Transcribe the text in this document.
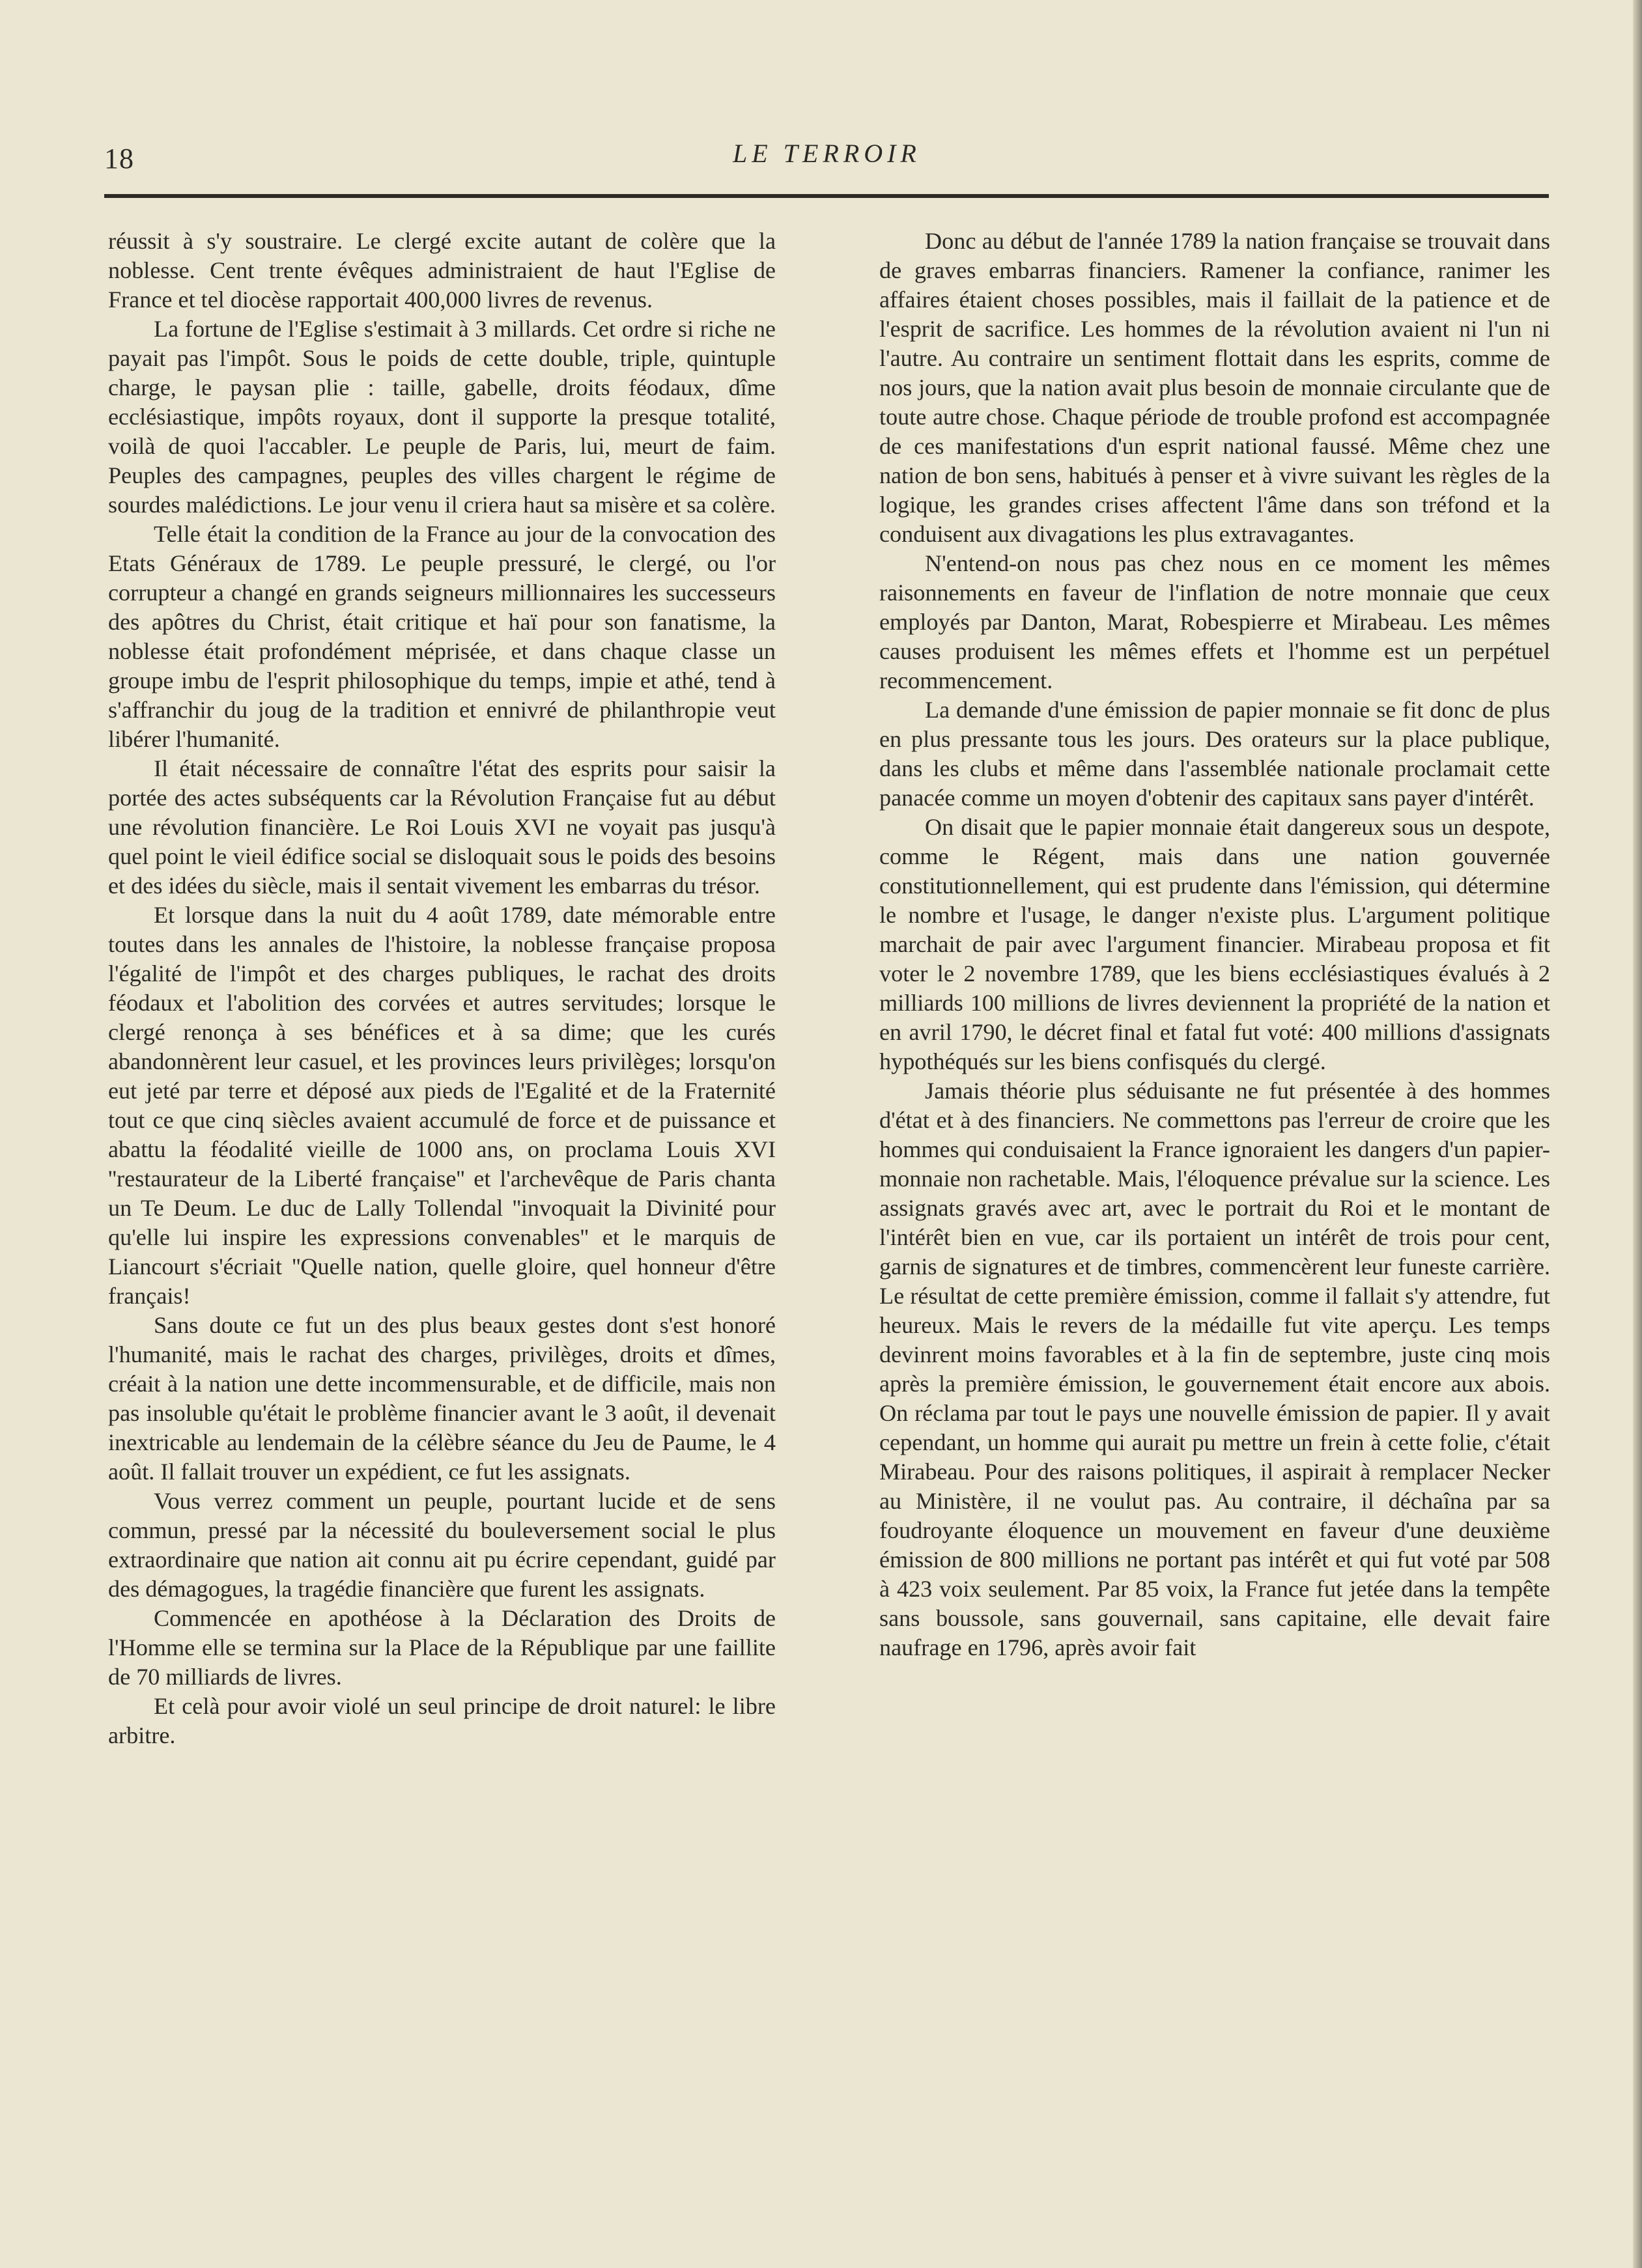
18	LE TERROIR

réussit à s'y soustraire. Le clergé excite autant de colère que la noblesse. Cent trente évêques administraient de haut l'Eglise de France et tel diocèse rapportait 400,000 livres de revenus.

La fortune de l'Eglise s'estimait à 3 millards. Cet ordre si riche ne payait pas l'impôt. Sous le poids de cette double, triple, quintuple charge, le paysan plie : taille, gabelle, droits féodaux, dîme ecclésiastique, impôts royaux, dont il supporte la presque totalité, voilà de quoi l'accabler. Le peuple de Paris, lui, meurt de faim. Peuples des campagnes, peuples des villes chargent le régime de sourdes malédictions. Le jour venu il criera haut sa misère et sa colère.

Telle était la condition de la France au jour de la convocation des Etats Généraux de 1789. Le peuple pressuré, le clergé, ou l'or corrupteur a changé en grands seigneurs millionnaires les successeurs des apôtres du Christ, était critique et haï pour son fanatisme, la noblesse était profondément méprisée, et dans chaque classe un groupe imbu de l'esprit philosophique du temps, impie et athé, tend à s'affranchir du joug de la tradition et ennivré de philanthropie veut libérer l'humanité.

Il était nécessaire de connaître l'état des esprits pour saisir la portée des actes subséquents car la Révolution Française fut au début une révolution financière. Le Roi Louis XVI ne voyait pas jusqu'à quel point le vieil édifice social se disloquait sous le poids des besoins et des idées du siècle, mais il sentait vivement les embarras du trésor.

Et lorsque dans la nuit du 4 août 1789, date mémorable entre toutes dans les annales de l'histoire, la noblesse française proposa l'égalité de l'impôt et des charges publiques, le rachat des droits féodaux et l'abolition des corvées et autres servitudes; lorsque le clergé renonça à ses bénéfices et à sa dime; que les curés abandonnèrent leur casuel, et les provinces leurs privilèges; lorsqu'on eut jeté par terre et déposé aux pieds de l'Egalité et de la Fraternité tout ce que cinq siècles avaient accumulé de force et de puissance et abattu la féodalité vieille de 1000 ans, on proclama Louis XVI ''restaurateur de la Liberté française'' et l'archevêque de Paris chanta un Te Deum. Le duc de Lally Tollendal ''invoquait la Divinité pour qu'elle lui inspire les expressions convenables'' et le marquis de Liancourt s'écriait ''Quelle nation, quelle gloire, quel honneur d'être français!

Sans doute ce fut un des plus beaux gestes dont s'est honoré l'humanité, mais le rachat des charges, privilèges, droits et dîmes, créait à la nation une dette incommensurable, et de difficile, mais non pas insoluble qu'était le problème financier avant le 3 août, il devenait inextricable au lendemain de la célèbre séance du Jeu de Paume, le 4 août. Il fallait trouver un expédient, ce fut les assignats.

Vous verrez comment un peuple, pourtant lucide et de sens commun, pressé par la nécessité du bouleversement social le plus extraordinaire que nation ait connu ait pu écrire cependant, guidé par des démagogues, la tragédie financière que furent les assignats.

Commencée en apothéose à la Déclaration des Droits de l'Homme elle se termina sur la Place de la République par une faillite de 70 milliards de livres.

Et celà pour avoir violé un seul principe de droit naturel: le libre arbitre.

Donc au début de l'année 1789 la nation française se trouvait dans de graves embarras financiers. Ramener la confiance, ranimer les affaires étaient choses possibles, mais il faillait de la patience et de l'esprit de sacrifice. Les hommes de la révolution avaient ni l'un ni l'autre. Au contraire un sentiment flottait dans les esprits, comme de nos jours, que la nation avait plus besoin de monnaie circulante que de toute autre chose. Chaque période de trouble profond est accompagnée de ces manifestations d'un esprit national faussé. Même chez une nation de bon sens, habitués à penser et à vivre suivant les règles de la logique, les grandes crises affectent l'âme dans son tréfond et la conduisent aux divagations les plus extravagantes.

N'entend-on nous pas chez nous en ce moment les mêmes raisonnements en faveur de l'inflation de notre monnaie que ceux employés par Danton, Marat, Robespierre et Mirabeau. Les mêmes causes produisent les mêmes effets et l'homme est un perpétuel recommencement.

La demande d'une émission de papier monnaie se fit donc de plus en plus pressante tous les jours. Des orateurs sur la place publique, dans les clubs et même dans l'assemblée nationale proclamait cette panacée comme un moyen d'obtenir des capitaux sans payer d'intérêt.

On disait que le papier monnaie était dangereux sous un despote, comme le Régent, mais dans une nation gouvernée constitutionnellement, qui est prudente dans l'émission, qui détermine le nombre et l'usage, le danger n'existe plus. L'argument politique marchait de pair avec l'argument financier. Mirabeau proposa et fit voter le 2 novembre 1789, que les biens ecclésiastiques évalués à 2 milliards 100 millions de livres deviennent la propriété de la nation et en avril 1790, le décret final et fatal fut voté: 400 millions d'assignats hypothéqués sur les biens confisqués du clergé.

Jamais théorie plus séduisante ne fut présentée à des hommes d'état et à des financiers. Ne commettons pas l'erreur de croire que les hommes qui conduisaient la France ignoraient les dangers d'un papier-monnaie non rachetable. Mais, l'éloquence prévalue sur la science. Les assignats gravés avec art, avec le portrait du Roi et le montant de l'intérêt bien en vue, car ils portaient un intérêt de trois pour cent, garnis de signatures et de timbres, commencèrent leur funeste carrière. Le résultat de cette première émission, comme il fallait s'y attendre, fut heureux. Mais le revers de la médaille fut vite aperçu. Les temps devinrent moins favorables et à la fin de septembre, juste cinq mois après la première émission, le gouvernement était encore aux abois. On réclama par tout le pays une nouvelle émission de papier. Il y avait cependant, un homme qui aurait pu mettre un frein à cette folie, c'était Mirabeau. Pour des raisons politiques, il aspirait à remplacer Necker au Ministère, il ne voulut pas. Au contraire, il déchaîna par sa foudroyante éloquence un mouvement en faveur d'une deuxième émission de 800 millions ne portant pas intérêt et qui fut voté par 508 à 423 voix seulement. Par 85 voix, la France fut jetée dans la tempête sans boussole, sans gouvernail, sans capitaine, elle devait faire naufrage en 1796, après avoir fait
